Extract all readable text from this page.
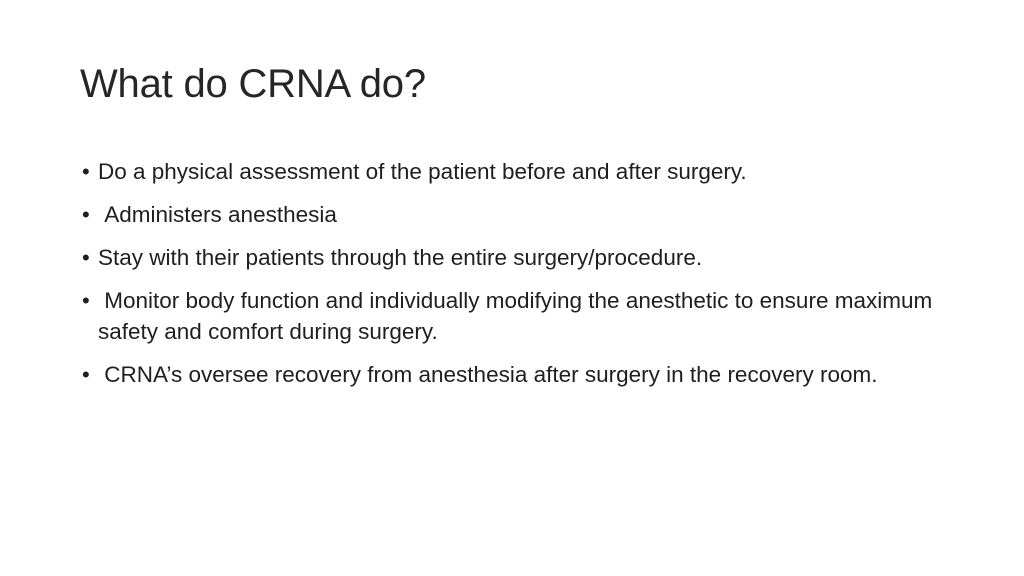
What do CRNA do?
• Do a physical assessment of the patient before and after surgery.
• Administers anesthesia
• Stay with their patients through the entire surgery/procedure.
• Monitor body function and individually modifying the anesthetic to ensure maximum safety and comfort during surgery.
• CRNA’s oversee recovery from anesthesia after surgery in the recovery room.
